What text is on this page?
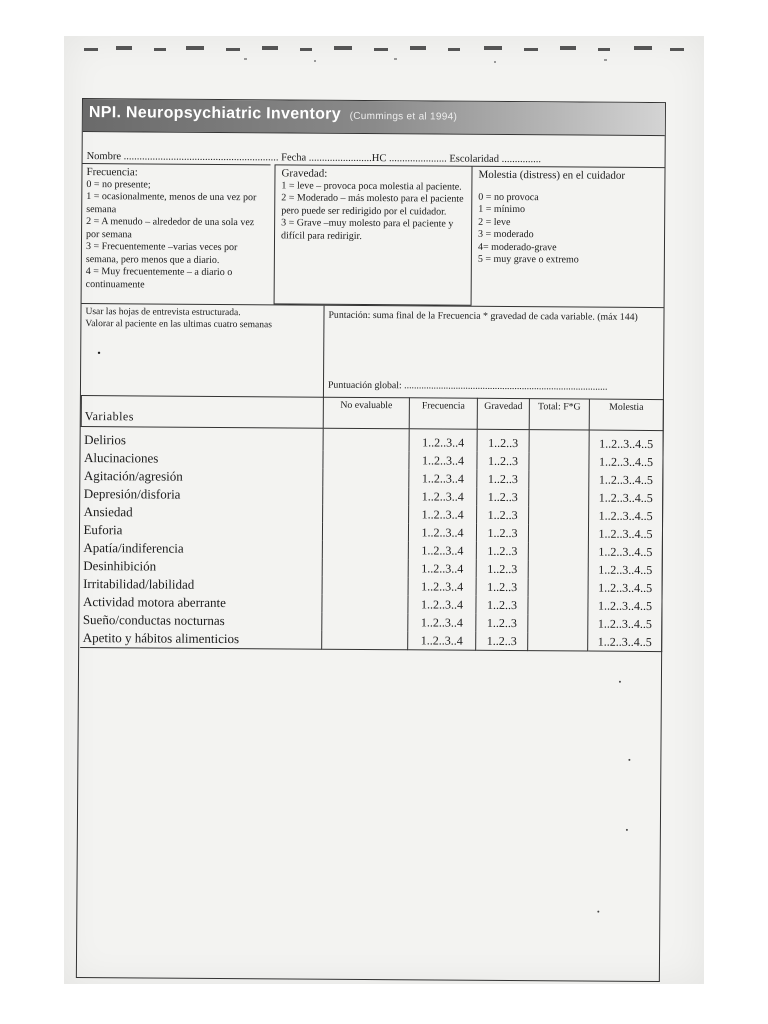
NPI. Neuropsychiatric Inventory (Cummings et al 1994)
Nombre ........................................................... Fecha ........................HC ...................... Escolaridad ...............
Frecuencia:
0 = no presente;
1 = ocasionalmente, menos de una vez por semana
2 = A menudo – alrededor de una sola vez por semana
3 = Frecuentemente –varias veces por semana, pero menos que a diario.
4 = Muy frecuentemente – a diario o continuamente
Gravedad:
1 = leve – provoca poca molestia al paciente.
2 = Moderado – más molesto para el paciente pero puede ser redirigido por el cuidador.
3 = Grave –muy molesto para el paciente y difícil para redirigir.
Molestia (distress) en el cuidador
0 = no provoca
1 = mínimo
2 = leve
3 = moderado
4= moderado-grave
5 = muy grave o extremo
Usar las hojas de entrevista estructurada.
Valorar al paciente en las ultimas cuatro semanas
•
Puntación: suma final de la Frecuencia * gravedad de cada variable. (máx 144)
Puntuación global: ...................................................................................
Variables	No evaluable	Frecuencia	Gravedad	Total: F*G	Molestia
Delirios		1..2..3..4	1..2..3		1..2..3..4..5
Alucinaciones		1..2..3..4	1..2..3		1..2..3..4..5
Agitación/agresión		1..2..3..4	1..2..3		1..2..3..4..5
Depresión/disforia		1..2..3..4	1..2..3		1..2..3..4..5
Ansiedad		1..2..3..4	1..2..3		1..2..3..4..5
Euforia		1..2..3..4	1..2..3		1..2..3..4..5
Apatía/indiferencia		1..2..3..4	1..2..3		1..2..3..4..5
Desinhibición		1..2..3..4	1..2..3		1..2..3..4..5
Irritabilidad/labilidad		1..2..3..4	1..2..3		1..2..3..4..5
Actividad motora aberrante		1..2..3..4	1..2..3		1..2..3..4..5
Sueño/conductas nocturnas		1..2..3..4	1..2..3		1..2..3..4..5
Apetito y hábitos alimenticios		1..2..3..4	1..2..3		1..2..3..4..5
